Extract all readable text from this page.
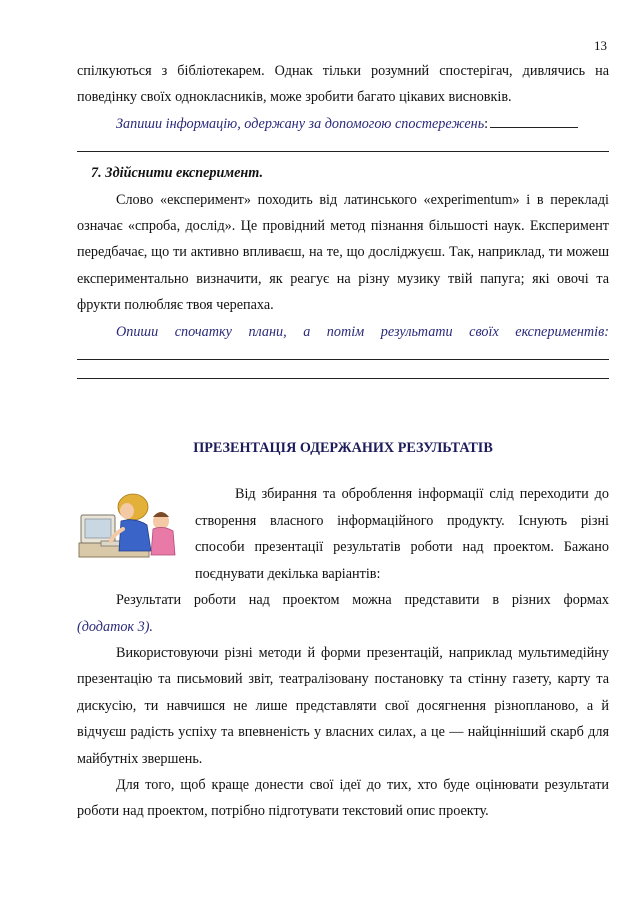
13

спілкуються з бібліотекарем. Однак тільки розумний спостерігач, дивлячись на поведінку своїх однокласників, може зробити багато цікавих висновків.

Запиши інформацію, одержану за допомогою спостережень:

7. Здійснити експеримент.

Слово «експеримент» походить від латинського «experimentum» і в перекладі означає «спроба, дослід». Це провідний метод пізнання більшості наук. Експеримент передбачає, що ти активно впливаєш, на те, що досліджуєш. Так, наприклад, ти можеш експериментально визначити, як реагує на різну музику твій папуга; які овочі та фрукти полюбляє твоя черепаха.

Опиши спочатку плани, а потім результати своїх експериментів:

ПРЕЗЕНТАЦІЯ ОДЕРЖАНИХ РЕЗУЛЬТАТІВ

Від збирання та оброблення інформації слід переходити до створення власного інформаційного продукту. Існують різні способи презентації результатів роботи над проектом. Бажано поєднувати декілька варіантів:

Результати роботи над проектом можна представити в різних формах

(додаток 3).

Використовуючи різні методи й форми презентацій, наприклад мультимедійну презентацію та письмовий звіт, театралізовану постановку та стінну газету, карту та дискусію, ти навчишся не лише представляти свої досягнення різнопланово, а й відчуєш радість успіху та впевненість у власних силах, а це — найцінніший скарб для майбутніх звершень.

Для того, щоб краще донести свої ідеї до тих, хто буде оцінювати результати роботи над проектом, потрібно підготувати текстовий опис проекту.
